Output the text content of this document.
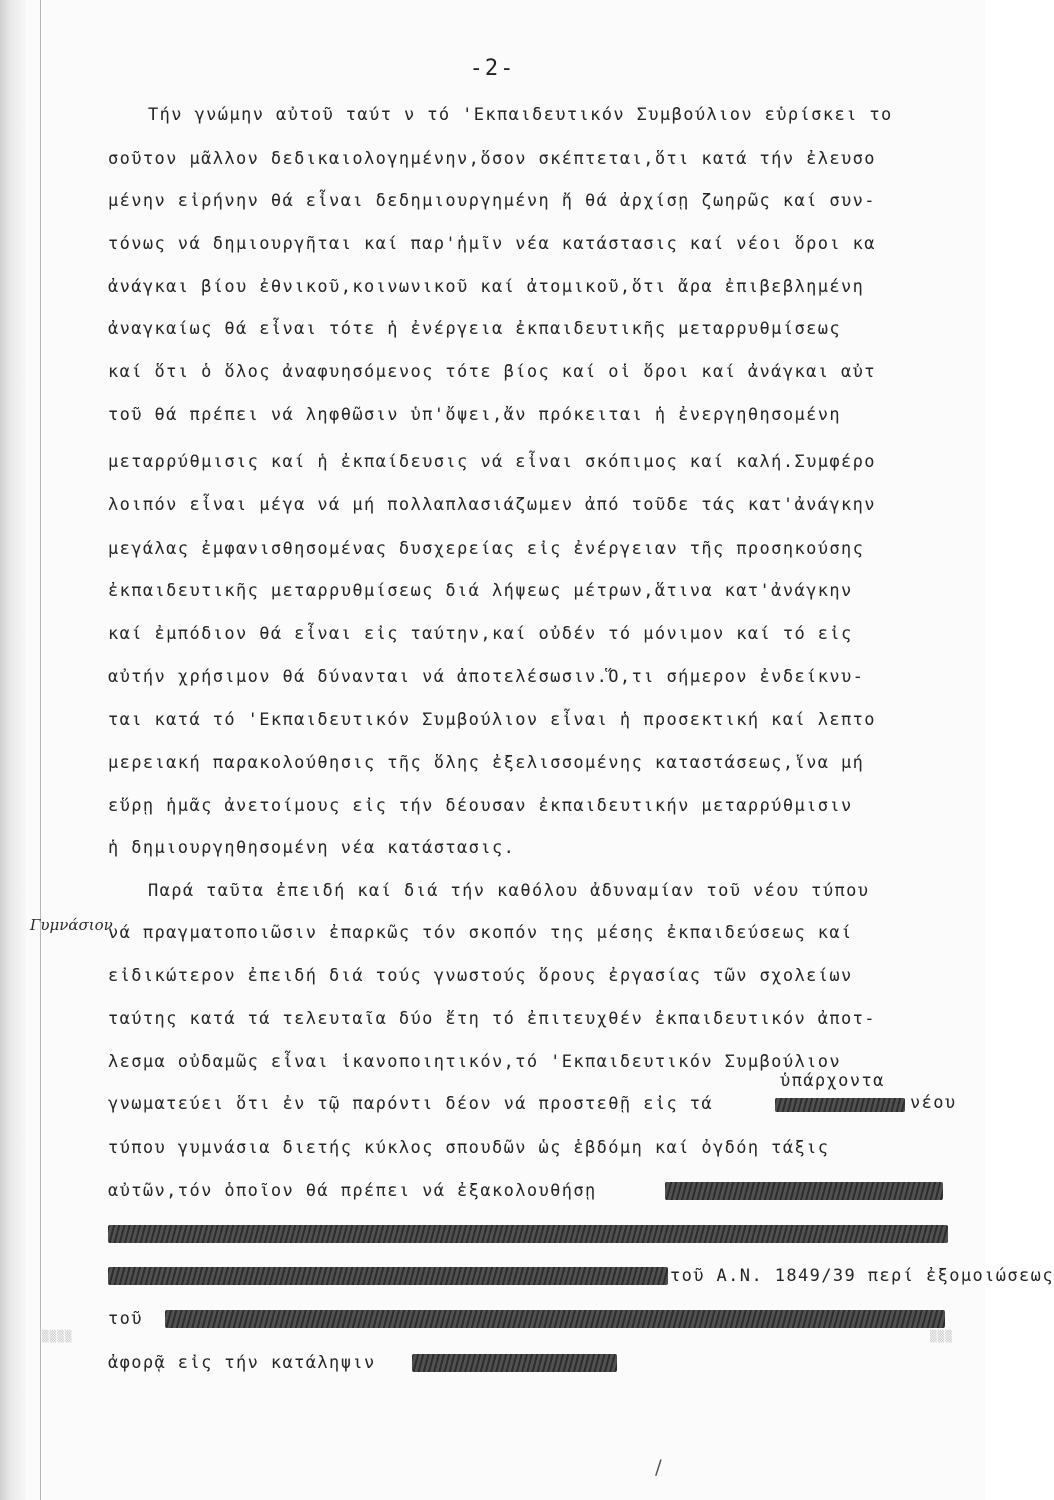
-2-
Τήν γνώμην αὐτοῦ ταύτ ν τό 'Εκπαιδευτικόν Συμβούλιον εὑρίσκει το
σοῦτον μᾶλλον δεδικαιολογημένην,ὅσον σκέπτεται,ὅτι κατά τήν ἐλευσο
μένην εἰρήνην θά εἶναι δεδημιουργημένη ἤ θά ἀρχίσῃ ζωηρῶς καί συν-
τόνως νά δημιουργῆται καί παρ'ἡμῖν νέα κατάστασις καί νέοι ὅροι κα
ἀνάγκαι βίου ἐθνικοῦ,κοινωνικοῦ καί ἀτομικοῦ,ὅτι ἄρα ἐπιβεβλημένη
ἀναγκαίως θά εἶναι τότε ἡ ἐνέργεια ἐκπαιδευτικῆς μεταρρυθμίσεως
καί ὅτι ὁ ὅλος ἀναφυησόμενος τότε βίος καί οἱ ὅροι καί ἀνάγκαι αὐτ
τοῦ θά πρέπει νά ληφθῶσιν ὑπ'ὄψει,ἄν πρόκειται ἡ ἐνεργηθησομένη
μεταρρύθμισις καί ἡ ἐκπαίδευσις νά εἶναι σκόπιμος καί καλή.Συμφέρο
λοιπόν εἶναι μέγα νά μή πολλαπλασιάζωμεν ἀπό τοῦδε τάς κατ'ἀνάγκην
μεγάλας ἐμφανισθησομένας δυσχερείας εἰς ἐνέργειαν τῆς προσηκούσης
ἐκπαιδευτικῆς μεταρρυθμίσεως διά λήψεως μέτρων,ἅτινα κατ'ἀνάγκην
καί ἐμπόδιον θά εἶναι εἰς ταύτην,καί οὐδέν τό μόνιμον καί τό εἰς
αὐτήν χρήσιμον θά δύνανται νά ἀποτελέσωσιν.Ὅ,τι σήμερον ἐνδείκνυ-
ται κατά τό 'Εκπαιδευτικόν Συμβούλιον εἶναι ἡ προσεκτική καί λεπτο
μερειακή παρακολούθησις τῆς ὅλης ἐξελισσομένης καταστάσεως,ἵνα μή
εὕρῃ ἡμᾶς ἀνετοίμους εἰς τήν δέουσαν ἐκπαιδευτικήν μεταρρύθμισιν
ἡ δημιουργηθησομένη νέα κατάστασις.
Παρά ταῦτα ἐπειδή καί διά τήν καθόλου ἀδυναμίαν τοῦ νέου τύπου
Γυμνάσιον
νά πραγματοποιῶσιν ἐπαρκῶς τόν σκοπόν της μέσης ἐκπαιδεύσεως καί
εἰδικώτερον ἐπειδή διά τούς γνωστούς ὅρους ἐργασίας τῶν σχολείων
ταύτης κατά τά τελευταῖα δύο ἔτη τό ἐπιτευχθέν ἐκπαιδευτικόν ἀποτ-
λεσμα οὐδαμῶς εἶναι ἱκανοποιητικόν,τό 'Εκπαιδευτικόν Συμβούλιον
ὑπάρχοντα
γνωματεύει ὅτι ἐν τῷ παρόντι δέον νά προστεθῇ εἰς τά	νέου
τύπου γυμνάσια διετής κύκλος σπουδῶν ὡς ἑβδόμη καί ὀγδόη τάξις
αὐτῶν,τόν ὁποῖον θά πρέπει νά ἐξακολουθήσῃ
τοῦ Α.Ν. 1849/39 περί ἐξομοιώσεως
τοῦ
ἀφορᾷ εἰς τήν κατάληψιν
/
▒▒▒▒	▒▒▒
